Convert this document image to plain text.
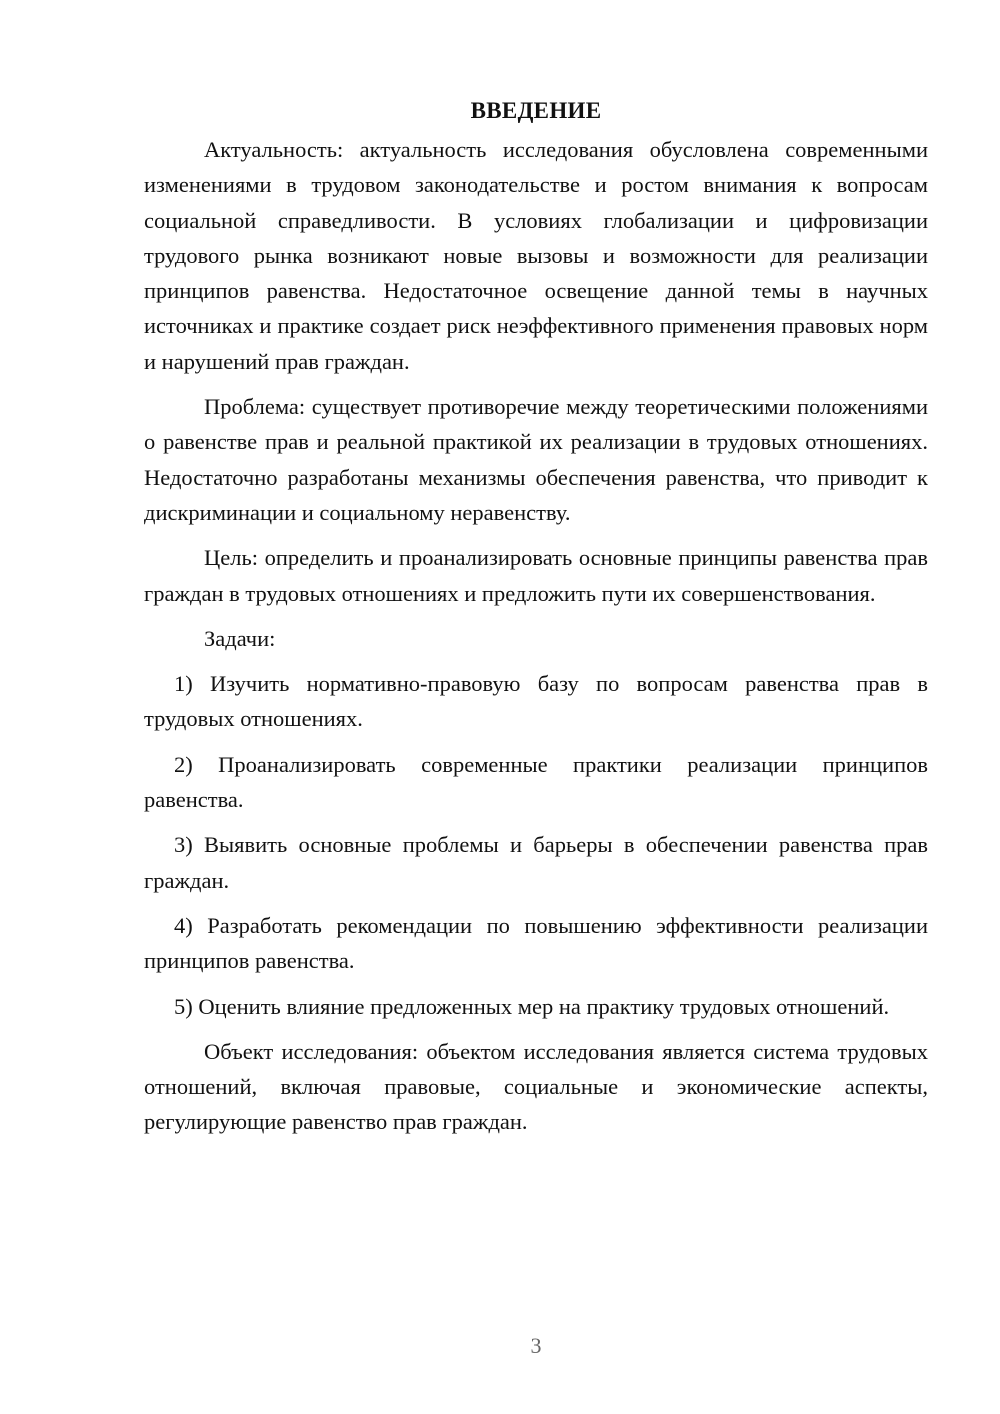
ВВЕДЕНИЕ

Актуальность: актуальность исследования обусловлена современными изменениями в трудовом законодательстве и ростом внимания к вопросам социальной справедливости. В условиях глобализации и цифровизации трудового рынка возникают новые вызовы и возможности для реализации принципов равенства. Недостаточное освещение данной темы в научных источниках и практике создает риск неэффективного применения правовых норм и нарушений прав граждан.

Проблема: существует противоречие между теоретическими положениями о равенстве прав и реальной практикой их реализации в трудовых отношениях. Недостаточно разработаны механизмы обеспечения равенства, что приводит к дискриминации и социальному неравенству.

Цель: определить и проанализировать основные принципы равенства прав граждан в трудовых отношениях и предложить пути их совершенствования.

Задачи:

1) Изучить нормативно-правовую базу по вопросам равенства прав в трудовых отношениях.

2) Проанализировать современные практики реализации принципов равенства.

3) Выявить основные проблемы и барьеры в обеспечении равенства прав граждан.

4) Разработать рекомендации по повышению эффективности реализации принципов равенства.

5) Оценить влияние предложенных мер на практику трудовых отношений.

Объект исследования: объектом исследования является система трудовых отношений, включая правовые, социальные и экономические аспекты, регулирующие равенство прав граждан.

3
